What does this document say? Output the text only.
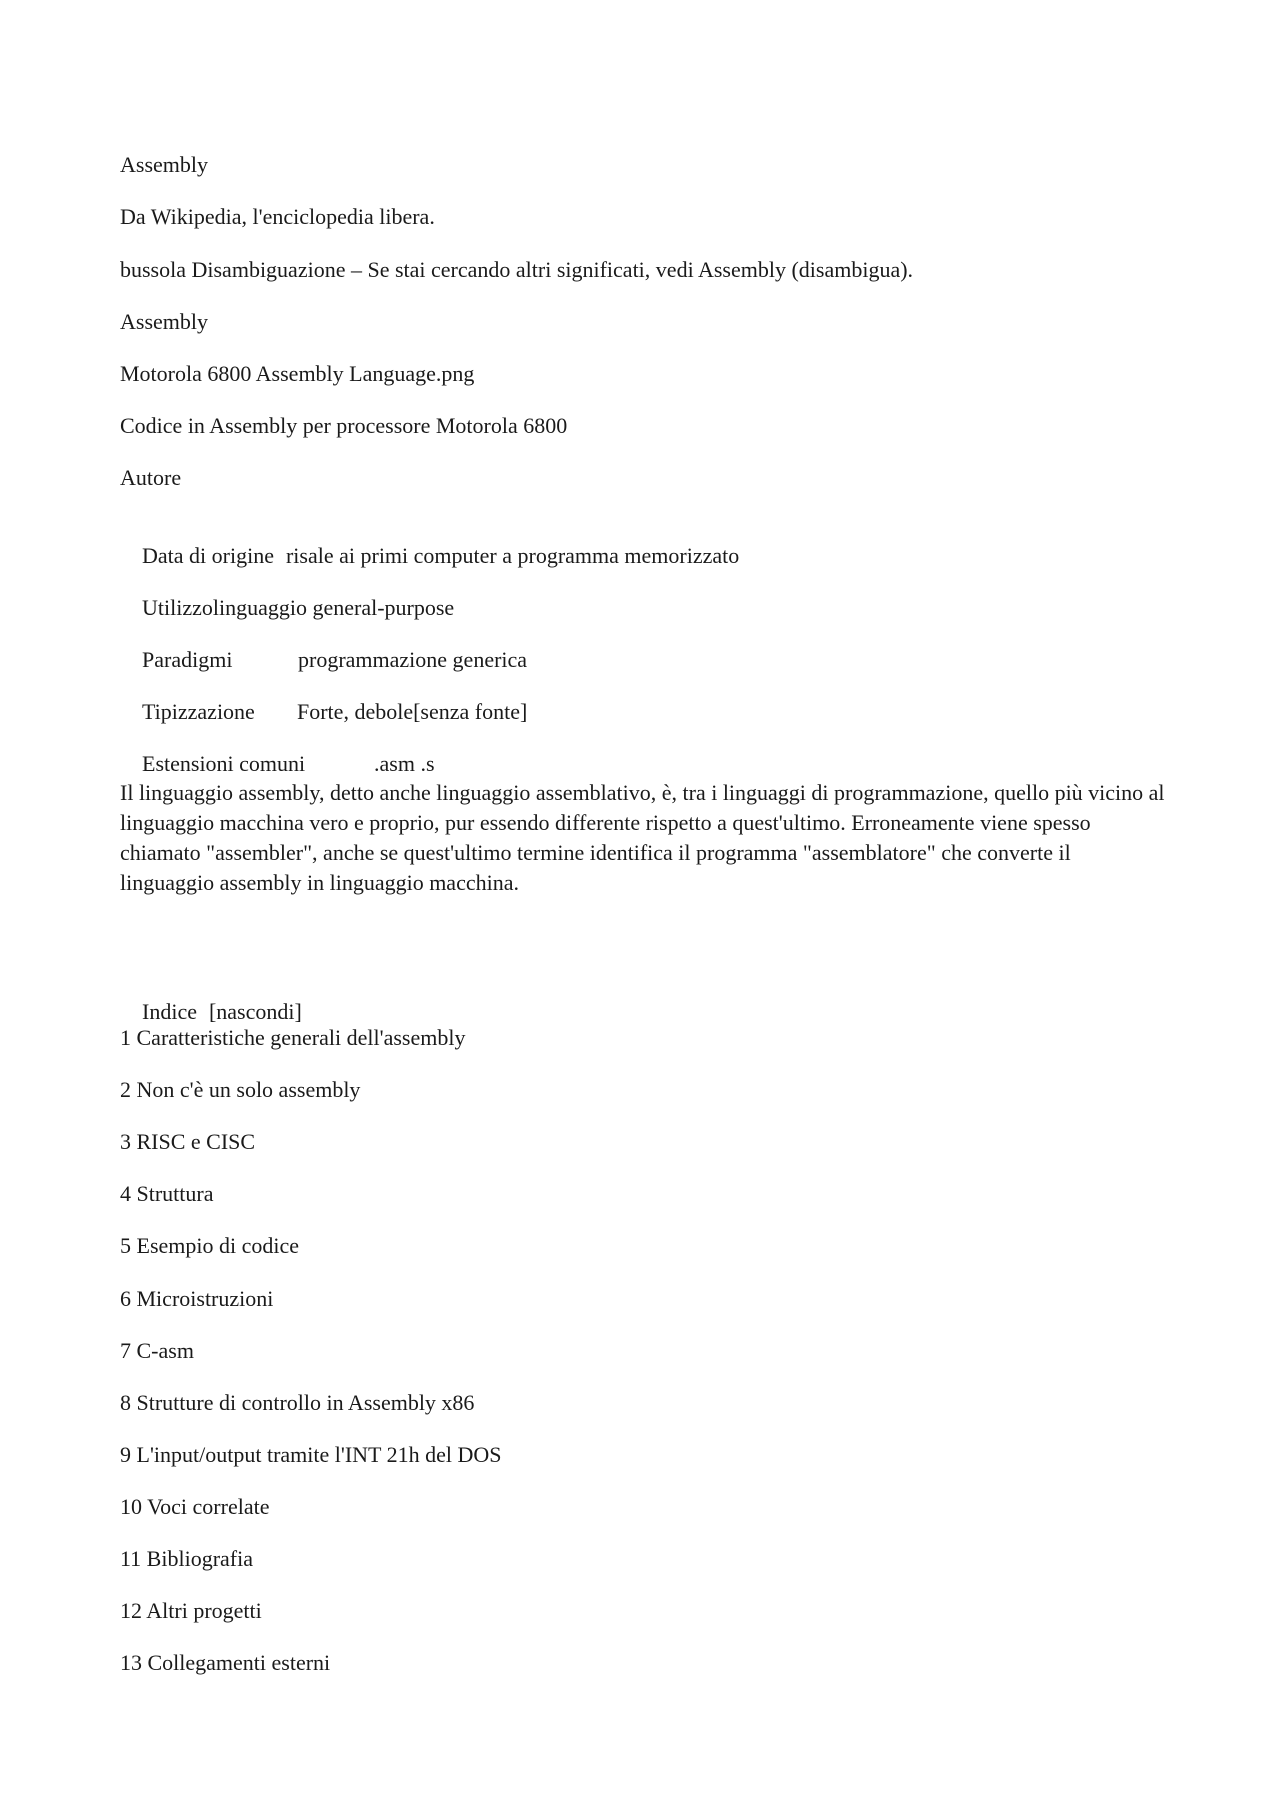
Assembly

Da Wikipedia, l'enciclopedia libera.

bussola Disambiguazione – Se stai cercando altri significati, vedi Assembly (disambigua).

Assembly

Motorola 6800 Assembly Language.png

Codice in Assembly per processore Motorola 6800

Autore

Data di origine risale ai primi computer a programma memorizzato

Utilizzolinguaggio general-purpose

Paradigmi	programmazione generica

Tipizzazione Forte, debole[senza fonte]

Estensioni comuni	.asm .s

Il linguaggio assembly, detto anche linguaggio assemblativo, è, tra i linguaggi di programmazione, quello più vicino al linguaggio macchina vero e proprio, pur essendo differente rispetto a quest'ultimo. Erroneamente viene spesso chiamato "assembler", anche se quest'ultimo termine identifica il programma "assemblatore" che converte il linguaggio assembly in linguaggio macchina.

Indice [nascondi]

1 Caratteristiche generali dell'assembly

2 Non c'è un solo assembly

3 RISC e CISC

4 Struttura

5 Esempio di codice

6 Microistruzioni

7 C-asm

8 Strutture di controllo in Assembly x86

9 L'input/output tramite l'INT 21h del DOS

10 Voci correlate

11 Bibliografia

12 Altri progetti

13 Collegamenti esterni
